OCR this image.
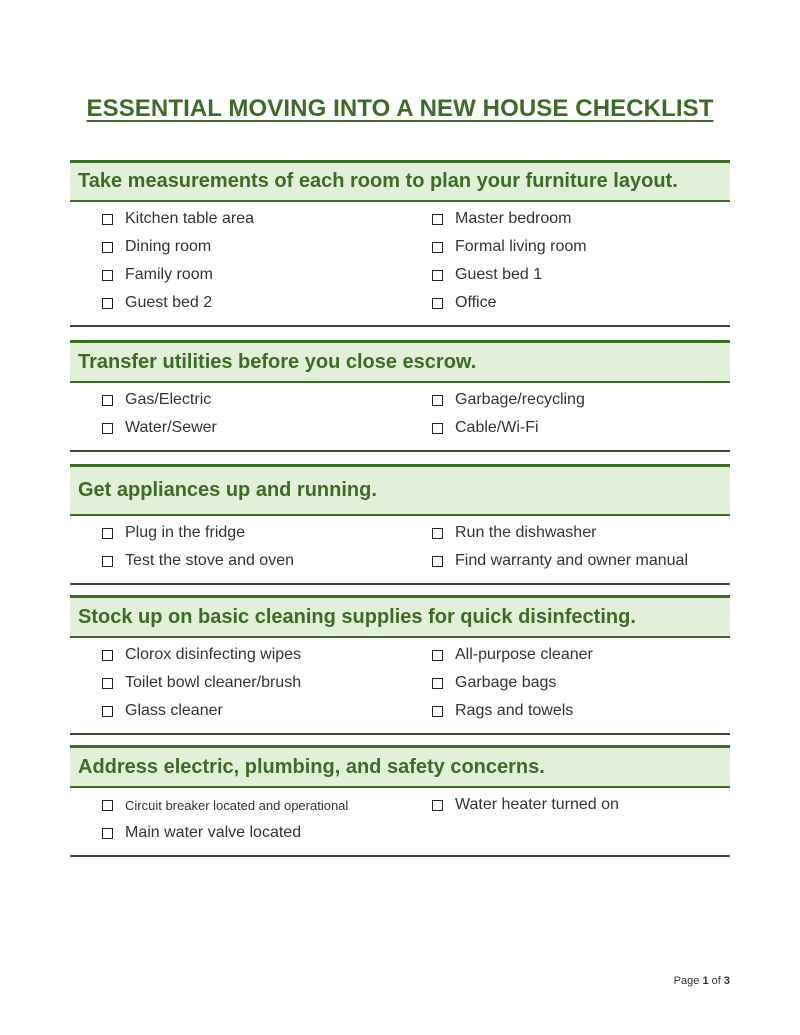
ESSENTIAL MOVING INTO A NEW HOUSE CHECKLIST
Take measurements of each room to plan your furniture layout.
Kitchen table area	Master bedroom
Dining room	Formal living room
Family room	Guest bed 1
Guest bed 2	Office
Transfer utilities before you close escrow.
Gas/Electric	Garbage/recycling
Water/Sewer	Cable/Wi-Fi
Get appliances up and running.
Plug in the fridge	Run the dishwasher
Test the stove and oven	Find warranty and owner manual
Stock up on basic cleaning supplies for quick disinfecting.
Clorox disinfecting wipes	All-purpose cleaner
Toilet bowl cleaner/brush	Garbage bags
Glass cleaner	Rags and towels
Address electric, plumbing, and safety concerns.
Circuit breaker located and operational	Water heater turned on
Main water valve located
Page 1 of 3
